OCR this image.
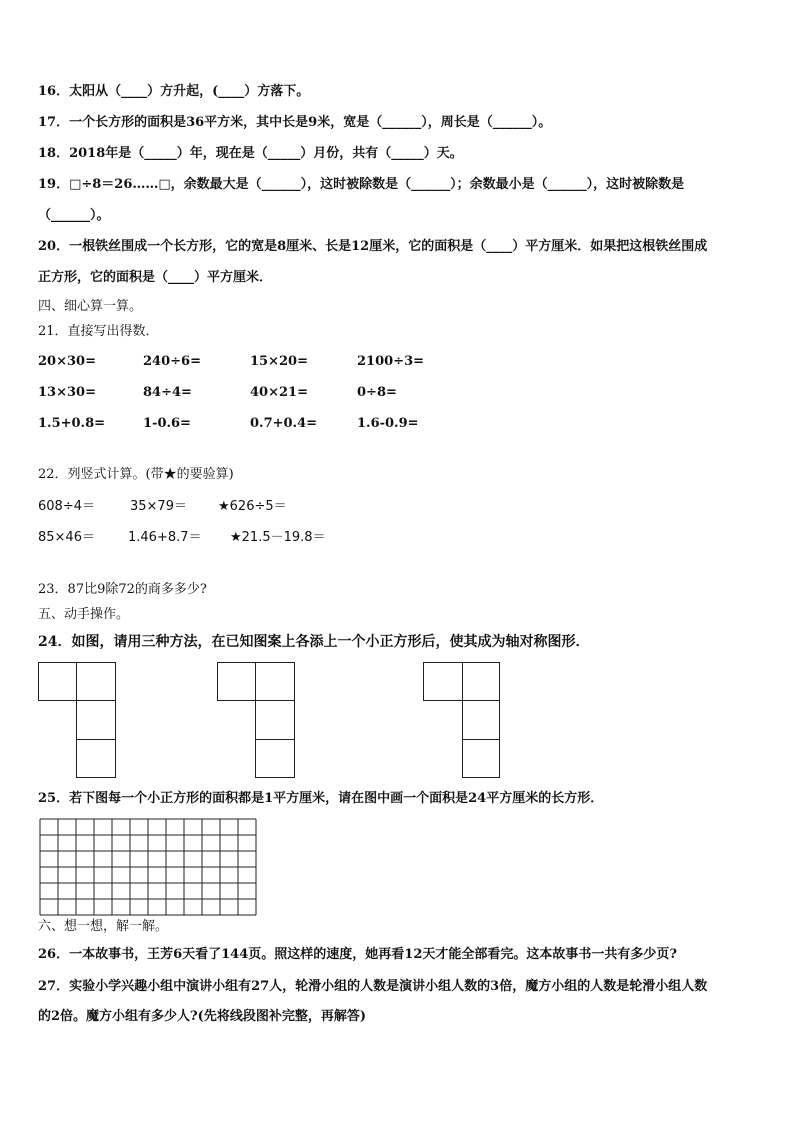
16．太阳从（____）方升起，(____）方落下。
17．一个长方形的面积是36平方米，其中长是9米，宽是（______），周长是（______）。
18．2018年是（_____）年，现在是（_____）月份，共有（_____）天。
19．□÷8＝26……□，余数最大是（______），这时被除数是（______）；余数最小是（______），这时被除数是
（______）。
20．一根铁丝围成一个长方形，它的宽是8厘米、长是12厘米，它的面积是（____）平方厘米．如果把这根铁丝围成
正方形，它的面积是（____）平方厘米．
四、细心算一算。
21．直接写出得数．
20×30=	240÷6=	15×20=	2100÷3=
13×30=	84÷4=	40×21=	0÷8=
1.5+0.8=	1-0.6=	0.7+0.4=	1.6-0.9=
22．列竖式计算。(带★的要验算)
608÷4＝	35×79＝ ★626÷5＝
85×46＝	1.46+8.7＝ ★21.5－19.8＝
23．87比9除72的商多多少?
五、动手操作。
24．如图，请用三种方法，在已知图案上各添上一个小正方形后，使其成为轴对称图形．
25．若下图每一个小正方形的面积都是1平方厘米，请在图中画一个面积是24平方厘米的长方形．
六、想一想，解一解。
26．一本故事书，王芳6天看了144页。照这样的速度，她再看12天才能全部看完。这本故事书一共有多少页?
27．实验小学兴趣小组中演讲小组有27人，轮滑小组的人数是演讲小组人数的3倍，魔方小组的人数是轮滑小组人数
的2倍。魔方小组有多少人?(先将线段图补完整，再解答)
